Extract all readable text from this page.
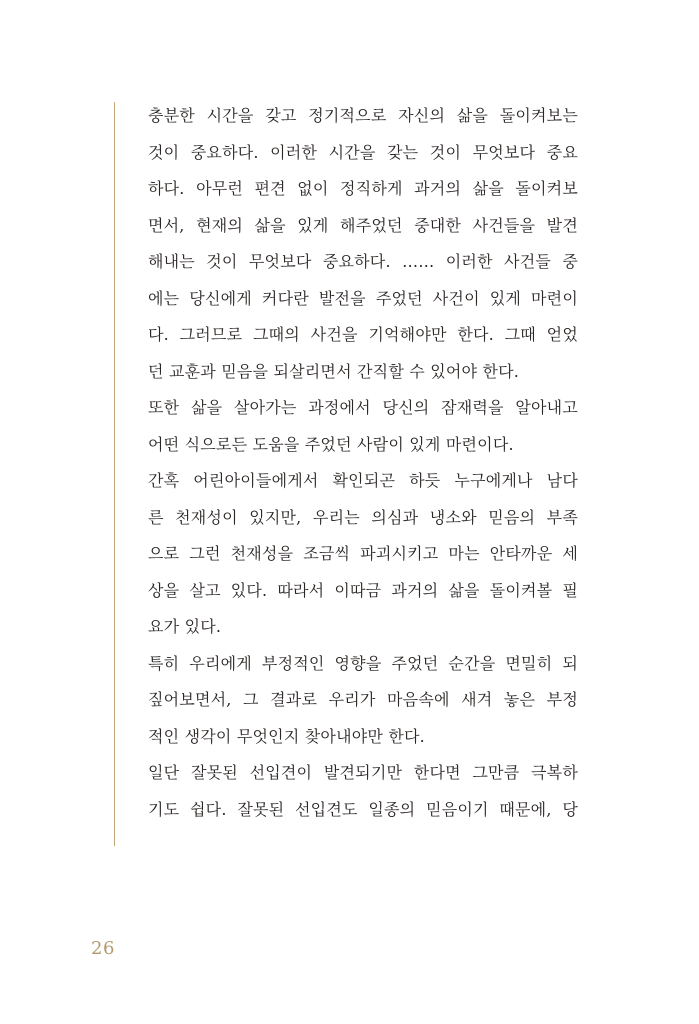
충분한 시간을 갖고 정기적으로 자신의 삶을 돌이켜보는
것이 중요하다. 이러한 시간을 갖는 것이 무엇보다 중요
하다. 아무런 편견 없이 정직하게 과거의 삶을 돌이켜보
면서, 현재의 삶을 있게 해주었던 중대한 사건들을 발견
해내는 것이 무엇보다 중요하다. …… 이러한 사건들 중
에는 당신에게 커다란 발전을 주었던 사건이 있게 마련이
다. 그러므로 그때의 사건을 기억해야만 한다. 그때 얻었
던 교훈과 믿음을 되살리면서 간직할 수 있어야 한다.
또한 삶을 살아가는 과정에서 당신의 잠재력을 알아내고
어떤 식으로든 도움을 주었던 사람이 있게 마련이다.
간혹 어린아이들에게서 확인되곤 하듯 누구에게나 남다
른 천재성이 있지만, 우리는 의심과 냉소와 믿음의 부족
으로 그런 천재성을 조금씩 파괴시키고 마는 안타까운 세
상을 살고 있다. 따라서 이따금 과거의 삶을 돌이켜볼 필
요가 있다.
특히 우리에게 부정적인 영향을 주었던 순간을 면밀히 되
짚어보면서, 그 결과로 우리가 마음속에 새겨 놓은 부정
적인 생각이 무엇인지 찾아내야만 한다.
일단 잘못된 선입견이 발견되기만 한다면 그만큼 극복하
기도 쉽다. 잘못된 선입견도 일종의 믿음이기 때문에, 당
26
